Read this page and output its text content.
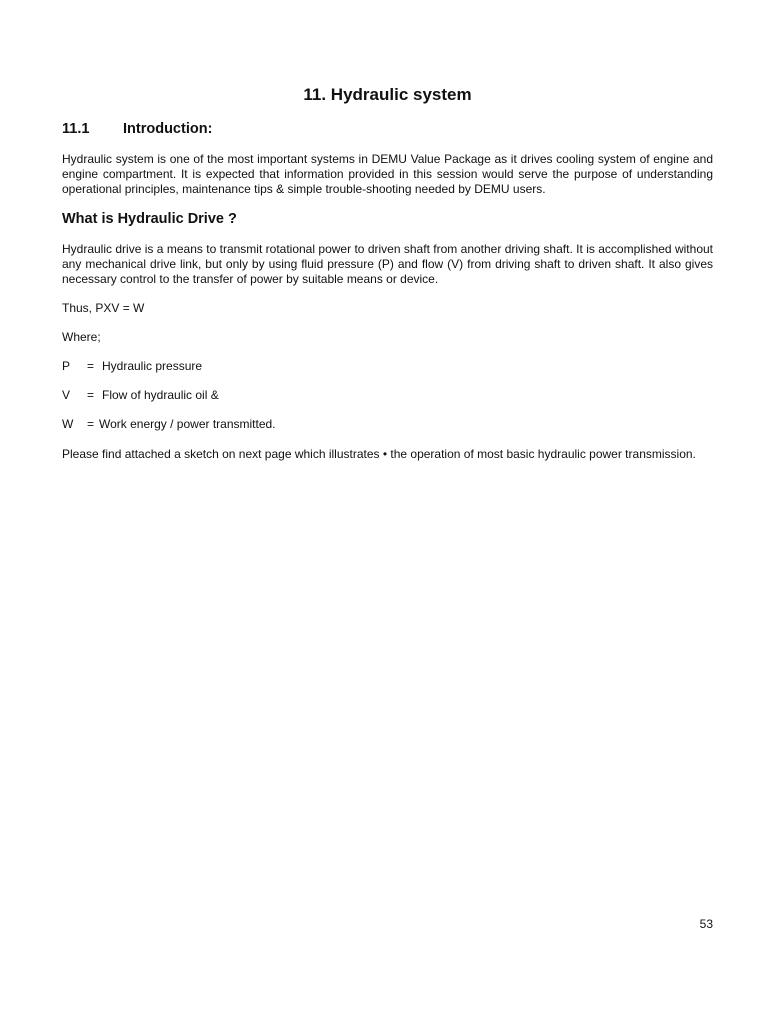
11. Hydraulic system
11.1 Introduction:

Hydraulic system is one of the most important systems in DEMU Value Package as it drives cooling system of engine and engine compartment. It is expected that information provided in this session would serve the purpose of understanding operational principles, maintenance tips & simple trouble-shooting needed by DEMU users.

What is Hydraulic Drive ?

Hydraulic drive is a means to transmit rotational power to driven shaft from another driving shaft. It is accomplished without any mechanical drive link, but only by using fluid pressure (P) and flow (V) from driving shaft to driven shaft. It also gives necessary control to the transfer of power by suitable means or device.

Thus, PXV = W

Where;

P = Hydraulic pressure
V = Flow of hydraulic oil &
W = Work energy / power transmitted.

Please find attached a sketch on next page which illustrates • the operation of most basic hydraulic power transmission.

53
